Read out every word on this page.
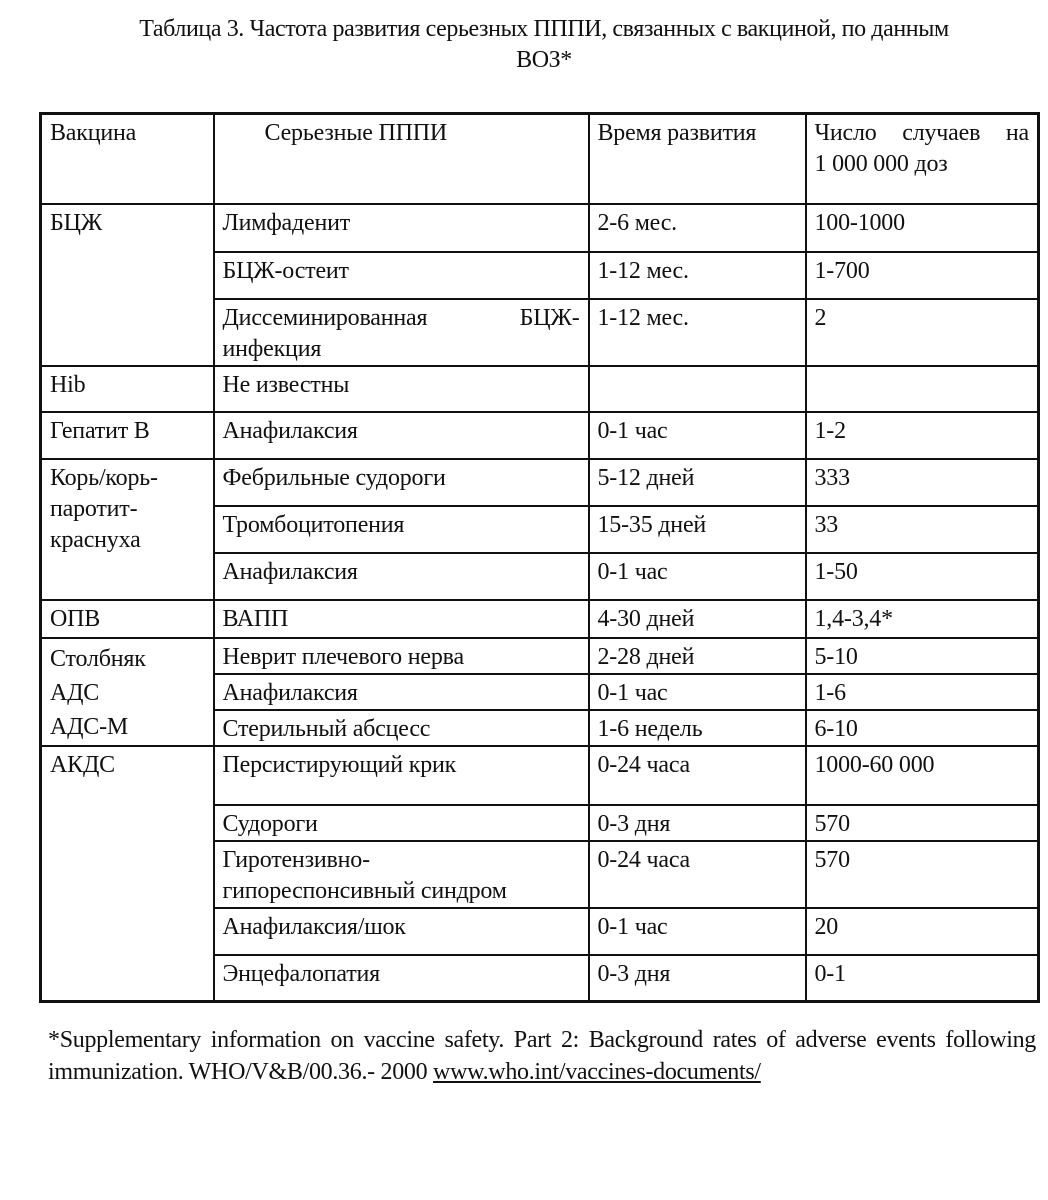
Таблица 3. Частота развития серьезных ПППИ, связанных с вакциной, по данным
ВОЗ*
Вакцина	Серьезные ПППИ	Время развития	Число случаев на
1 000 000 доз

БЦЖ	Лимфаденит	2-6 мес.	100-1000
	БЦЖ-остеит	1-12 мес.	1-700

	Диссеминированная БЦЖ-
инфекция	1-12 мес.	2
Hib	Не известны		
Гепатит В	Анафилаксия	0-1 час	1-2

Корь/корь-
паротит-
краснуха	Фебрильные судороги	5-12 дней	333
	Тромбоцитопения	15-35 дней	33
	Анафилаксия	0-1 час	1-50
ОПВ	ВАПП	4-30 дней	1,4-3,4*

Столбняк
АДС
АДС-М	Неврит плечевого нерва	2-28 дней	5-10
	Анафилаксия	0-1 час	1-6
	Стерильный абсцесс	1-6 недель	6-10
АКДС	Персистирующий крик	0-24 часа	1000-60 000
	Судороги	0-3 дня	570

	Гиротензивно-
гипореспонсивный синдром	0-24 часа	570
	Анафилаксия/шок	0-1 час	20
	Энцефалопатия	0-3 дня	0-1
*Supplementary information on vaccine safety. Part 2: Background rates of adverse events following immunization. WHO/V&B/00.36.- 2000 www.who.int/vaccines-documents/
